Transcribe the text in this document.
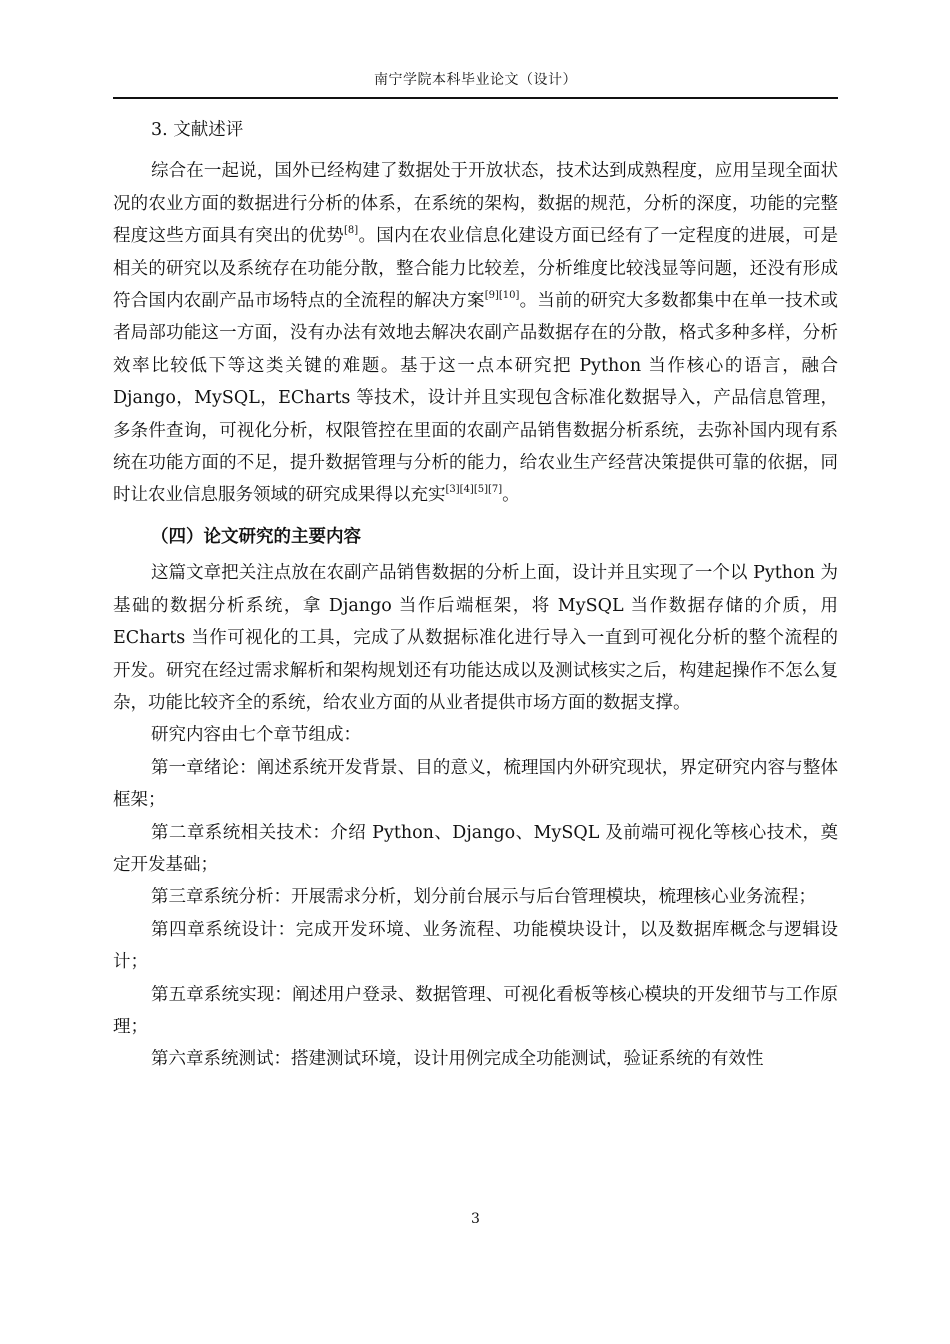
南宁学院本科毕业论文（设计）

3. 文献述评

综合在一起说，国外已经构建了数据处于开放状态，技术达到成熟程度，应用呈现全面状况的农业方面的数据进行分析的体系，在系统的架构，数据的规范，分析的深度，功能的完整程度这些方面具有突出的优势[8]。国内在农业信息化建设方面已经有了一定程度的进展，可是相关的研究以及系统存在功能分散，整合能力比较差，分析维度比较浅显等问题，还没有形成符合国内农副产品市场特点的全流程的解决方案[9][10]。当前的研究大多数都集中在单一技术或者局部功能这一方面，没有办法有效地去解决农副产品数据存在的分散，格式多种多样，分析效率比较低下等这类关键的难题。基于这一点本研究把 Python 当作核心的语言，融合 Django，MySQL，ECharts 等技术，设计并且实现包含标准化数据导入，产品信息管理，多条件查询，可视化分析，权限管控在里面的农副产品销售数据分析系统，去弥补国内现有系统在功能方面的不足，提升数据管理与分析的能力，给农业生产经营决策提供可靠的依据，同时让农业信息服务领域的研究成果得以充实[3][4][5][7]。

（四）论文研究的主要内容

这篇文章把关注点放在农副产品销售数据的分析上面，设计并且实现了一个以 Python 为基础的数据分析系统，拿 Django 当作后端框架，将 MySQL 当作数据存储的介质，用 ECharts 当作可视化的工具，完成了从数据标准化进行导入一直到可视化分析的整个流程的开发。研究在经过需求解析和架构规划还有功能达成以及测试核实之后，构建起操作不怎么复杂，功能比较齐全的系统，给农业方面的从业者提供市场方面的数据支撑。

研究内容由七个章节组成：

第一章绪论：阐述系统开发背景、目的意义，梳理国内外研究现状，界定研究内容与整体框架；

第二章系统相关技术：介绍 Python、Django、MySQL 及前端可视化等核心技术，奠定开发基础；

第三章系统分析：开展需求分析，划分前台展示与后台管理模块，梳理核心业务流程；

第四章系统设计：完成开发环境、业务流程、功能模块设计，以及数据库概念与逻辑设计；

第五章系统实现：阐述用户登录、数据管理、可视化看板等核心模块的开发细节与工作原理；

第六章系统测试：搭建测试环境，设计用例完成全功能测试，验证系统的有效性

3
